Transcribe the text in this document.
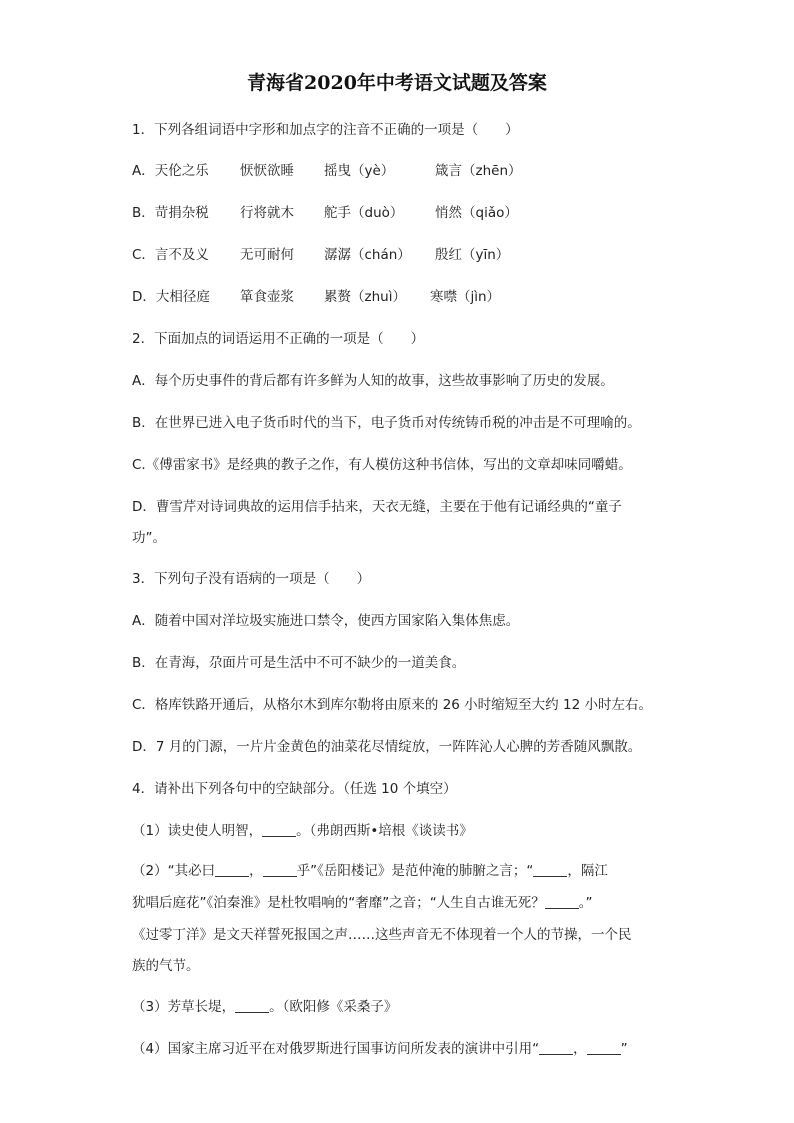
青海省2020年中考语文试题及答案
1．下列各组词语中字形和加点字的注音不正确的一项是（　　）
A．天伦之乐 恹恹欲睡 摇曳（yè）	箴言（zhēn）
B．苛捐杂税 行将就木 舵手（duò） 悄然（qiǎo）
C．言不及义 无可耐何 潺潺（chán） 殷红（yīn）
D．大相径庭 箪食壶浆 累赘（zhuì） 寒噤（jìn）
2．下面加点的词语运用不正确的一项是（　　）
A．每个历史事件的背后都有许多鲜为人知的故事，这些故事影响了历史的发展。
B．在世界已进入电子货币时代的当下，电子货币对传统铸币税的冲击是不可理喻的。
C.《傅雷家书》是经典的教子之作，有人模仿这种书信体，写出的文章却味同嚼蜡。
D．曹雪芹对诗词典故的运用信手拈来，天衣无缝，主要在于他有记诵经典的“童子
功”。
3．下列句子没有语病的一项是（　　）
A．随着中国对洋垃圾实施进口禁令，使西方国家陷入集体焦虑。
B．在青海，尕面片可是生活中不可不缺少的一道美食。
C．格库铁路开通后，从格尔木到库尔勒将由原来的 26 小时缩短至大约 12 小时左右。
D．7 月的门源，一片片金黄色的油菜花尽情绽放，一阵阵沁人心脾的芳香随风飘散。
4．请补出下列各句中的空缺部分。（任选 10 个填空）
（1）读史使人明智，	。（弗朗西斯•培根《谈读书》
（2）“其必曰	，	乎”《岳阳楼记》是范仲淹的肺腑之言；“	，隔江
犹唱后庭花”《泊秦淮》是杜牧唱响的“奢靡”之音；“人生自古谁无死？	。”
《过零丁洋》是文天祥誓死报国之声……这些声音无不体现着一个人的节操，一个民
族的气节。
（3）芳草长堤，	。（欧阳修《采桑子》
（4）国家主席习近平在对俄罗斯进行国事访问所发表的演讲中引用“	，	”
